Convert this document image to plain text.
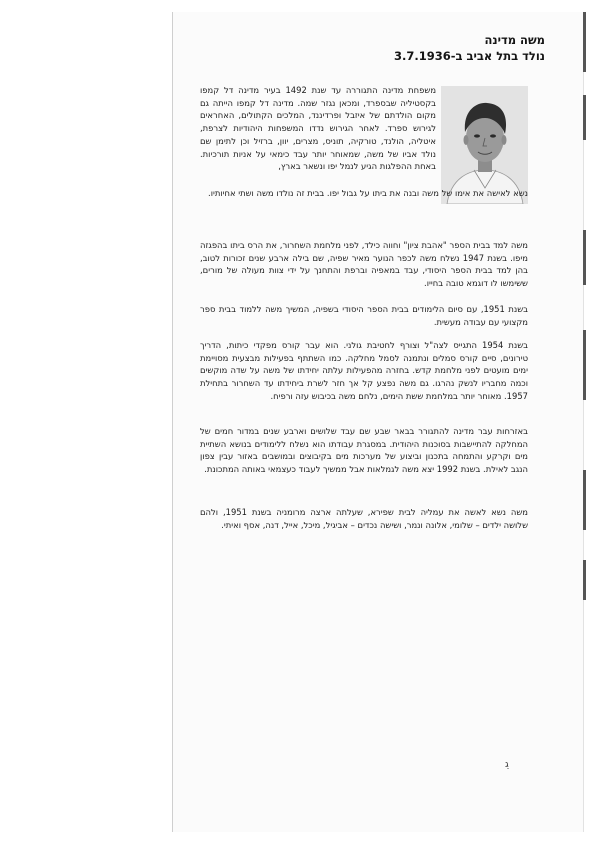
משה מדינה
נולד בתל אביב ב-3.7.1936

משפחת מדינה התגוררה עד שנת 1492 בעיר מדינה דל קמפו בקסטיליה שבספרד, ומכאן נגזר שמה. מדינה דל קמפו הייתה גם מקום הולדתם של איזבל ופרדיננד, המלכים הקתולים, האחראים לגירוש ספרד. לאחר הגירוש נדדו המשפחות היהודיות לצרפת, איטליה, הולנד, טורקיה, תוניס, מצרים, יוון, ברזיל וכן לתימן שם נולד אביו של משה, שמאוחר יותר עבד כימאי על אניות תורכיות. באחת ההפלגות הגיע לנמל יפו ונשאר בארץ,

נשא לאישה את אימו של משה ובנה את ביתו על גבול יפו. בבית זה נולדו משה ושתי אחיותיו.

משה למד בבית הספר "אהבת ציון" וחווה כילד, לפני מלחמת השחרור, את הרס ביתו בהפגזה מיפו. בשנת 1947 נשלח משה לכפר הנוער מאיר שפיה, שם בילה ארבע שנים זכורות לטוב, בהן למד בבית הספר היסודי, עבד במאפיה וברפת והתחנך על ידי צוות מעולה של מורים, ששימשו לו דוגמא טובה בחייו.

בשנת 1951, עם סיום הלימודים בבית הספר היסודי בשפיה, המשיך משה ללמוד בבית ספר מקצועי עם עבודה מעשית.

בשנת 1954 התגייס לצה"ל וצורף לחטיבת גולני. הוא עבר קורס מפקדי כיתות, הדריך טירונים, סיים קורס סמלים ונתמנה לסמל מחלקה. כמו השתתף בפעילות מבצעית מסויימת ימים מועטים לפני מלחמת קדש. בחזרה מהפעילות עלתה יחידתו של משה על שדה מוקשים וכמה מחבריו לנשק נהרגו. גם משה נפצע קל אך חזר לשרת ביחידתו עד השחרור בתחילת 1957. מאוחר יותר במלחמת ששת הימים, נלחם משה בכיבוש עזה ורפיח.

באזרחות עבר מדינה להתגורר בבאר שבע שם עבד שלושים וארבע שנים במדור חמים של המחלקה להתיישבות בסוכנות היהודית. במסגרת עבודתו הוא נשלח ללימודים בנושא השתיית מים וקרקע והתמחה בתכנון וביצוע של מערכות מים בקיבוצים ובמושבים באזור עבין צפון הנגב לאילת. בשנת 1992 יצא משה לגמלאות אבל ממשיך לעבוד כעצמאי באותה המתכונת.

משה נשא לאשה את עמליה לבית שפירא, שעלתה ארצה מרומניה בשנת 1951, ולהם שלושה ילדים – שלומי, אלונה ונמר, ושישה נכדים – אביגיל, מיכל, אייל, דנה, אסף ואיתי.

ֵג
